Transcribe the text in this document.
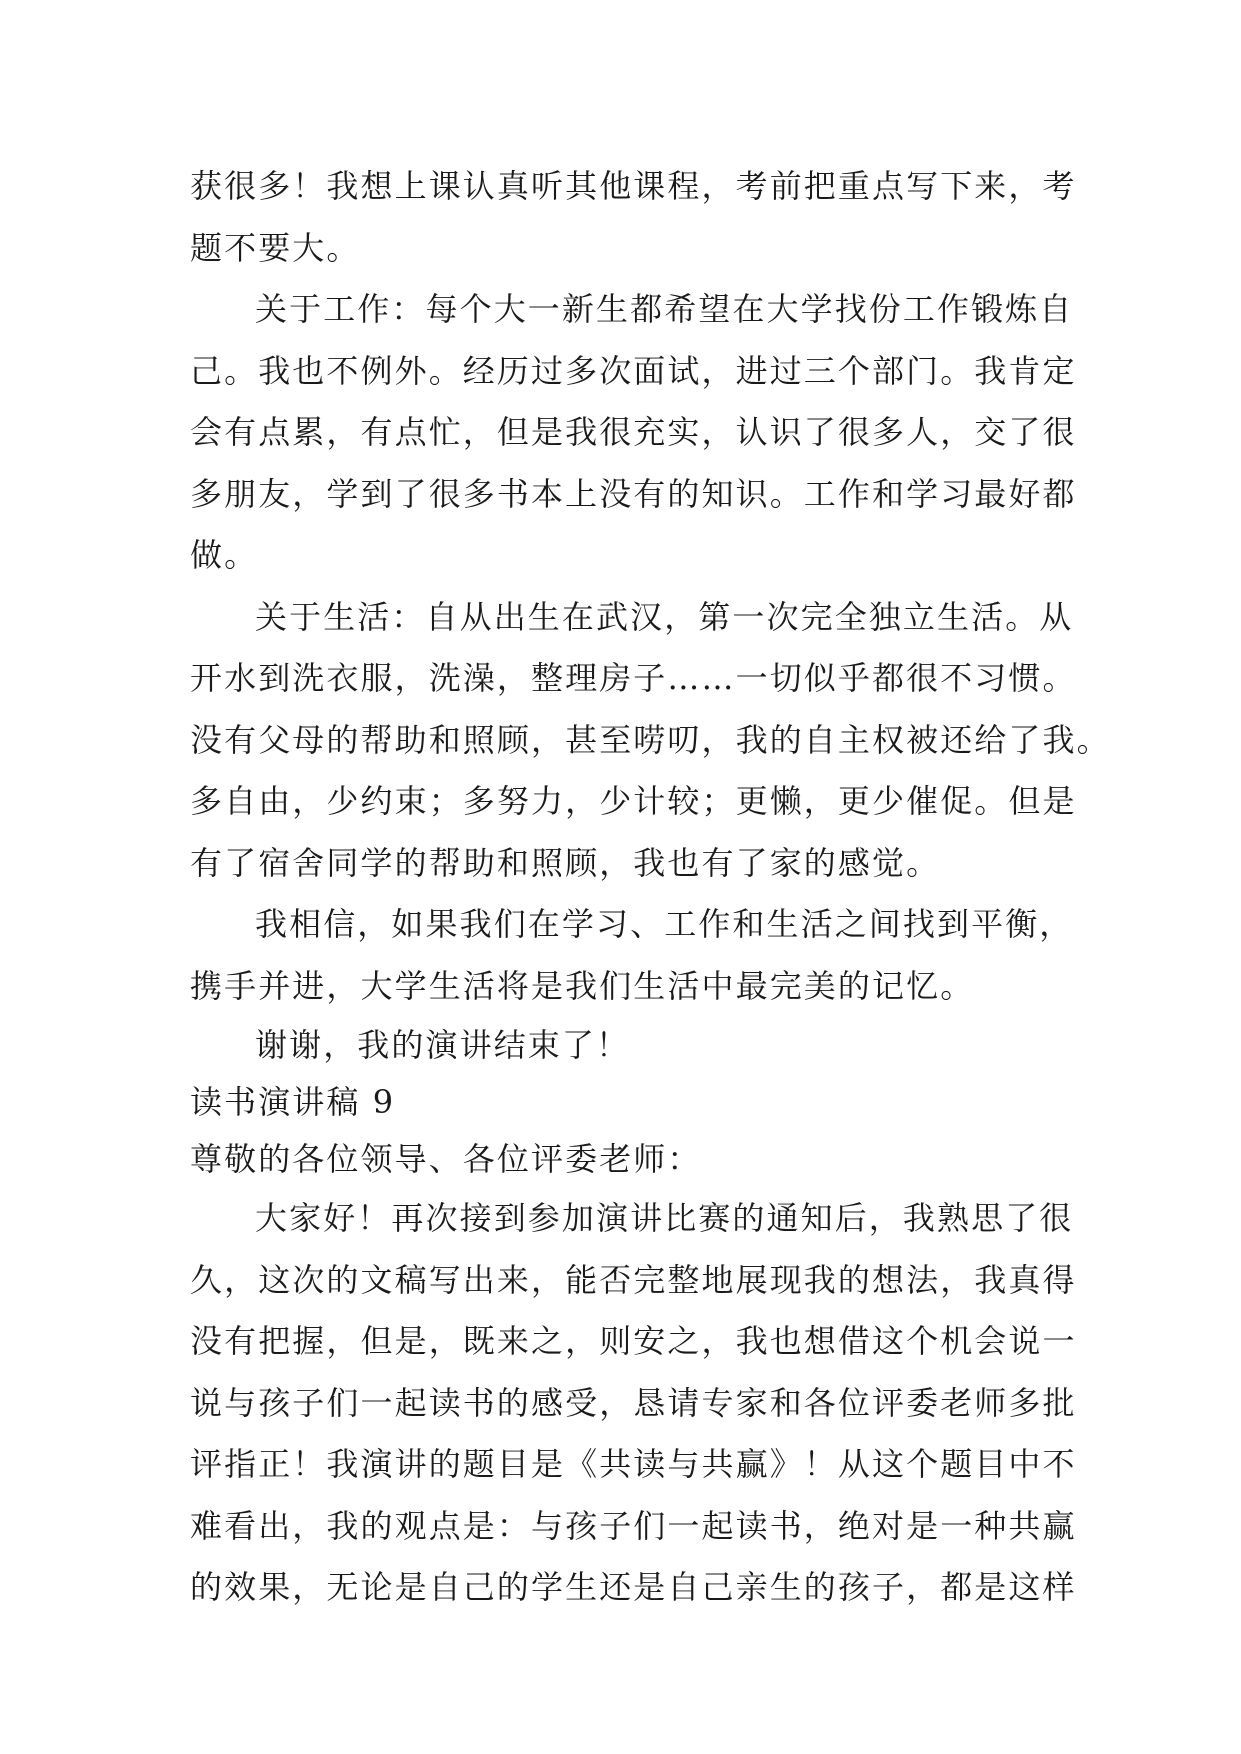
获很多！我想上课认真听其他课程，考前把重点写下来，考
题不要大。
关于工作：每个大一新生都希望在大学找份工作锻炼自
己。我也不例外。经历过多次面试，进过三个部门。我肯定
会有点累，有点忙，但是我很充实，认识了很多人，交了很
多朋友，学到了很多书本上没有的知识。工作和学习最好都
做。
关于生活：自从出生在武汉，第一次完全独立生活。从
开水到洗衣服，洗澡，整理房子……一切似乎都很不习惯。
没有父母的帮助和照顾，甚至唠叨，我的自主权被还给了我。
多自由，少约束；多努力，少计较；更懒，更少催促。但是
有了宿舍同学的帮助和照顾，我也有了家的感觉。
我相信，如果我们在学习、工作和生活之间找到平衡，
携手并进，大学生活将是我们生活中最完美的记忆。
谢谢，我的演讲结束了！
读书演讲稿 9
尊敬的各位领导、各位评委老师：
大家好！再次接到参加演讲比赛的通知后，我熟思了很
久，这次的文稿写出来，能否完整地展现我的想法，我真得
没有把握，但是，既来之，则安之，我也想借这个机会说一
说与孩子们一起读书的感受，恳请专家和各位评委老师多批
评指正！我演讲的题目是《共读与共赢》！从这个题目中不
难看出，我的观点是：与孩子们一起读书，绝对是一种共赢
的效果，无论是自己的学生还是自己亲生的孩子，都是这样
